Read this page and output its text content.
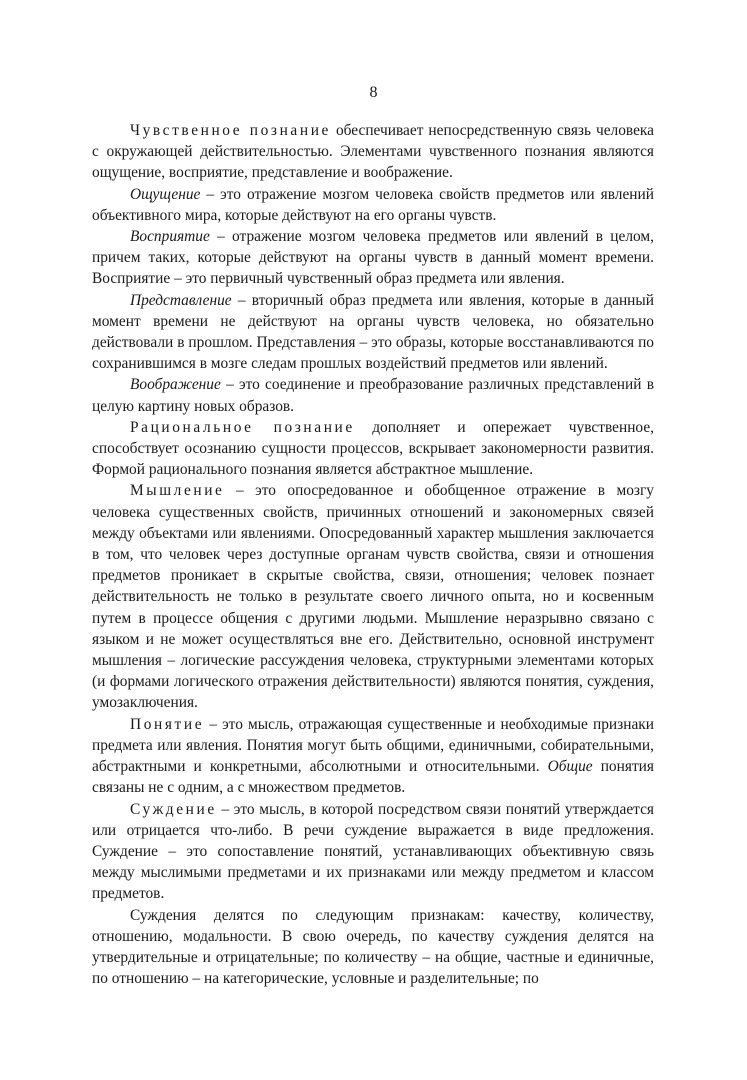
8

Чувственное познание обеспечивает непосредственную связь человека с окружающей действительностью. Элементами чувственного познания являются ощущение, восприятие, представление и воображение.

Ощущение – это отражение мозгом человека свойств предметов или явлений объективного мира, которые действуют на его органы чувств.

Восприятие – отражение мозгом человека предметов или явлений в целом, причем таких, которые действуют на органы чувств в данный момент времени. Восприятие – это первичный чувственный образ предмета или явления.

Представление – вторичный образ предмета или явления, которые в данный момент времени не действуют на органы чувств человека, но обязательно действовали в прошлом. Представления – это образы, которые восстанавливаются по сохранившимся в мозге следам прошлых воздействий предметов или явлений.

Воображение – это соединение и преобразование различных представлений в целую картину новых образов.

Рациональное познание дополняет и опережает чувственное, способствует осознанию сущности процессов, вскрывает закономерности развития. Формой рационального познания является абстрактное мышление.

Мышление – это опосредованное и обобщенное отражение в мозгу человека существенных свойств, причинных отношений и закономерных связей между объектами или явлениями. Опосредованный характер мышления заключается в том, что человек через доступные органам чувств свойства, связи и отношения предметов проникает в скрытые свойства, связи, отношения; человек познает действительность не только в результате своего личного опыта, но и косвенным путем в процессе общения с другими людьми. Мышление неразрывно связано с языком и не может осуществляться вне его. Действительно, основной инструмент мышления – логические рассуждения человека, структурными элементами которых (и формами логического отражения действительности) являются понятия, суждения, умозаключения.

Понятие – это мысль, отражающая существенные и необходимые признаки предмета или явления. Понятия могут быть общими, единичными, собирательными, абстрактными и конкретными, абсолютными и относительными. Общие понятия связаны не с одним, а с множеством предметов.

Суждение – это мысль, в которой посредством связи понятий утверждается или отрицается что-либо. В речи суждение выражается в виде предложения. Суждение – это сопоставление понятий, устанавливающих объективную связь между мыслимыми предметами и их признаками или между предметом и классом предметов.

Суждения делятся по следующим признакам: качеству, количеству, отношению, модальности. В свою очередь, по качеству суждения делятся на утвердительные и отрицательные; по количеству – на общие, частные и единичные, по отношению – на категорические, условные и разделительные; по
